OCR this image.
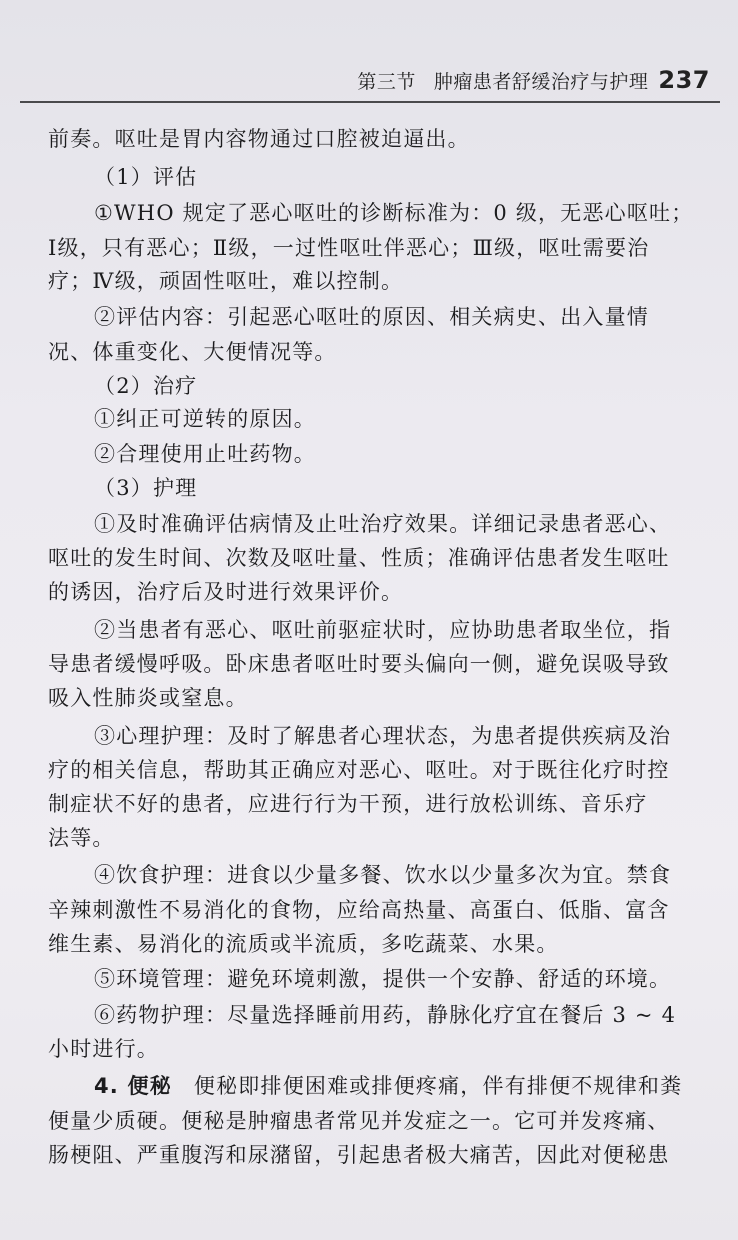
第三节 肿瘤患者舒缓治疗与护理 237
前奏。呕吐是胃内容物通过口腔被迫逼出。
（1）评估
①WHO 规定了恶心呕吐的诊断标准为：0 级，无恶心呕吐；
Ⅰ级，只有恶心；Ⅱ级，一过性呕吐伴恶心；Ⅲ级，呕吐需要治
疗；Ⅳ级，顽固性呕吐，难以控制。
②评估内容：引起恶心呕吐的原因、相关病史、出入量情
况、体重变化、大便情况等。
（2）治疗
①纠正可逆转的原因。
②合理使用止吐药物。
（3）护理
①及时准确评估病情及止吐治疗效果。详细记录患者恶心、
呕吐的发生时间、次数及呕吐量、性质；准确评估患者发生呕吐
的诱因，治疗后及时进行效果评价。
②当患者有恶心、呕吐前驱症状时，应协助患者取坐位，指
导患者缓慢呼吸。卧床患者呕吐时要头偏向一侧，避免误吸导致
吸入性肺炎或窒息。
③心理护理：及时了解患者心理状态，为患者提供疾病及治
疗的相关信息，帮助其正确应对恶心、呕吐。对于既往化疗时控
制症状不好的患者，应进行行为干预，进行放松训练、音乐疗
法等。
④饮食护理：进食以少量多餐、饮水以少量多次为宜。禁食
辛辣刺激性不易消化的食物，应给高热量、高蛋白、低脂、富含
维生素、易消化的流质或半流质，多吃蔬菜、水果。
⑤环境管理：避免环境刺激，提供一个安静、舒适的环境。
⑥药物护理：尽量选择睡前用药，静脉化疗宜在餐后 3 ~ 4
小时进行。
4. 便秘 便秘即排便困难或排便疼痛，伴有排便不规律和粪
便量少质硬。便秘是肿瘤患者常见并发症之一。它可并发疼痛、
肠梗阻、严重腹泻和尿潴留，引起患者极大痛苦，因此对便秘患
